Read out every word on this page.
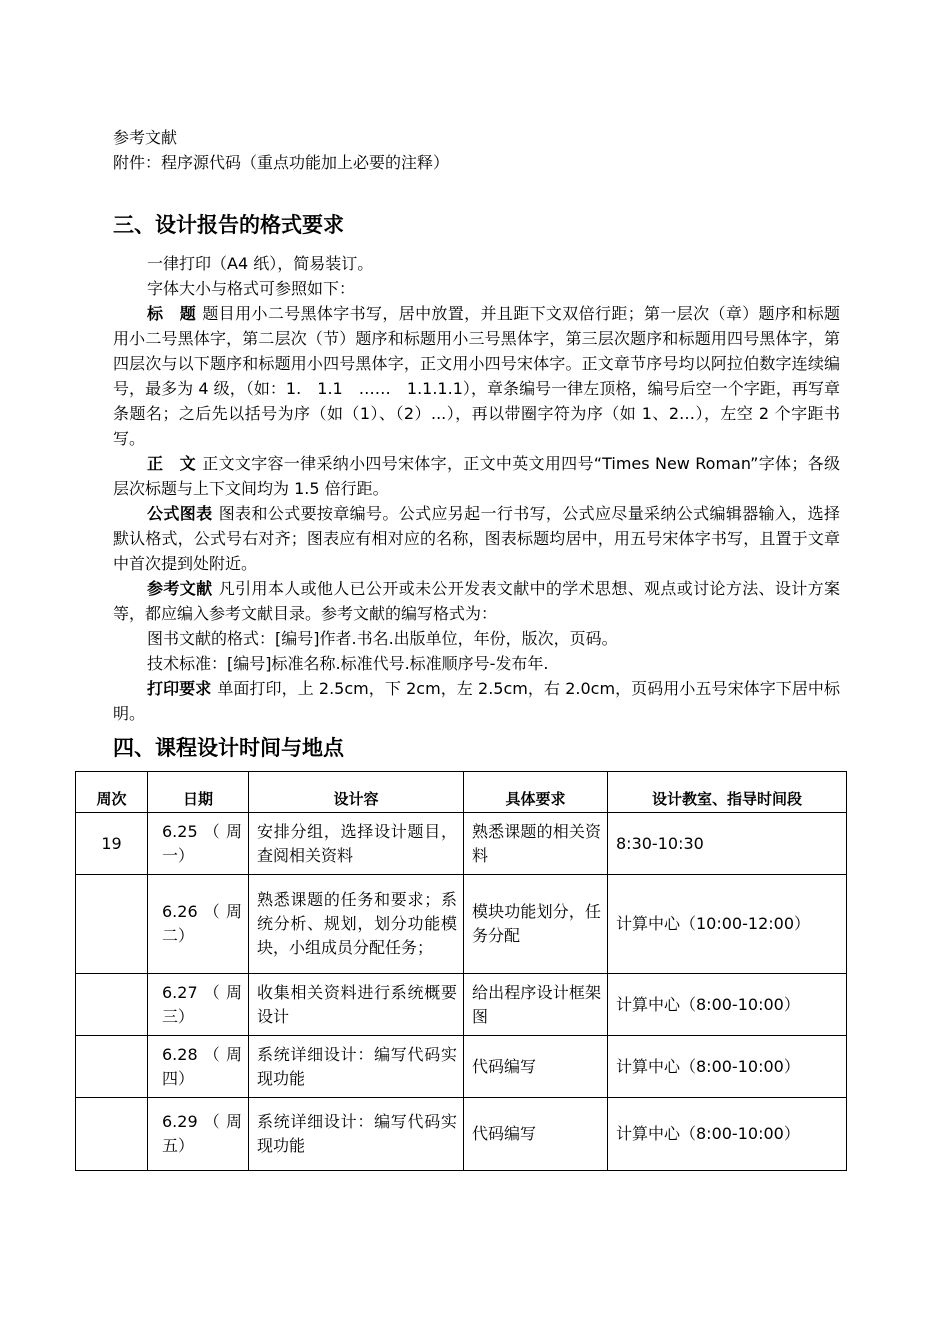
参考文献
附件：程序源代码（重点功能加上必要的注释）
三、设计报告的格式要求
一律打印（A4 纸），简易装订。
字体大小与格式可参照如下：
标　题 题目用小二号黑体字书写，居中放置，并且距下文双倍行距；第一层次（章）题序和标题用小二号黑体字，第二层次（节）题序和标题用小三号黑体字，第三层次题序和标题用四号黑体字，第四层次与以下题序和标题用小四号黑体字，正文用小四号宋体字。正文章节序号均以阿拉伯数字连续编号，最多为 4 级，（如：1.　1.1　……　1.1.1.1），章条编号一律左顶格，编号后空一个字距，再写章条题名；之后先以括号为序（如（1）、（2）...），再以带圈字符为序（如 1、2…），左空 2 个字距书写。
正　文 正文文字容一律采纳小四号宋体字，正文中英文用四号“Times New Roman”字体；各级层次标题与上下文间均为 1.5 倍行距。
公式图表 图表和公式要按章编号。公式应另起一行书写，公式应尽量采纳公式编辑器输入，选择默认格式，公式号右对齐；图表应有相对应的名称，图表标题均居中，用五号宋体字书写，且置于文章中首次提到处附近。
参考文献 凡引用本人或他人已公开或未公开发表文献中的学术思想、观点或讨论方法、设计方案等，都应编入参考文献目录。参考文献的编写格式为：
图书文献的格式：[编号]作者.书名.出版单位，年份，版次，页码。
技术标准：[编号]标准名称.标准代号.标准顺序号-发布年.
打印要求 单面打印，上 2.5cm，下 2cm，左 2.5cm，右 2.0cm，页码用小五号宋体字下居中标明。
四、课程设计时间与地点
周次	日期	设计容	具体要求	设计教室、指导时间段
19	6.25（周一）	安排分组，选择设计题目，查阅相关资料	熟悉课题的相关资料	8:30-10:30
	6.26（周二）	熟悉课题的任务和要求；系统分析、规划，划分功能模块，小组成员分配任务；	模块功能划分，任务分配	计算中心（10:00-12:00）
	6.27（周三）	收集相关资料进行系统概要设计	给出程序设计框架图	计算中心（8:00-10:00）
	6.28（周四）	系统详细设计：编写代码实现功能	代码编写	计算中心（8:00-10:00）
	6.29（周五）	系统详细设计：编写代码实现功能	代码编写	计算中心（8:00-10:00）
